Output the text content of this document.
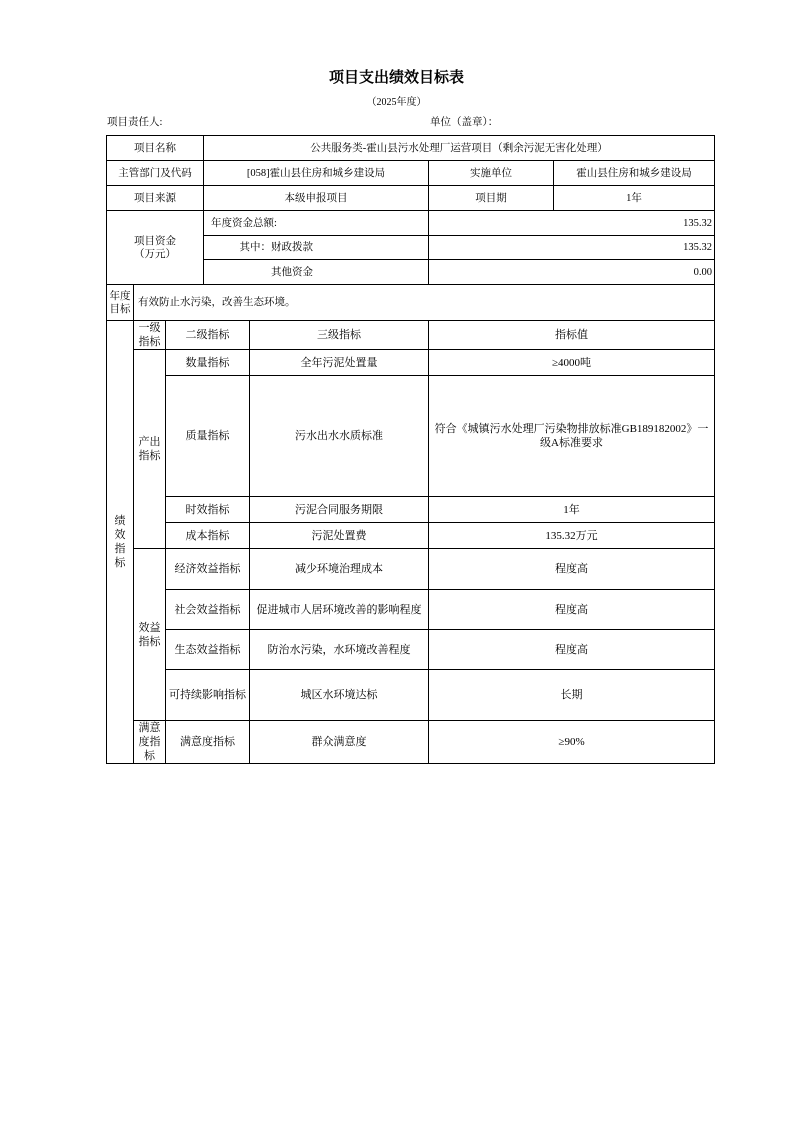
项目支出绩效目标表
（2025年度）
项目责任人:	单位（盖章）：
项目名称			公共服务类-霍山县污水处理厂运营项目（剩余污泥无害化处理）			
主管部门及代码			[058]霍山县住房和城乡建设局		实施单位	霍山县住房和城乡建设局
项目来源			本级申报项目		项目期	1年

项目资金
（万元）			年度资金总额:		135.32	
			其中：财政拨款		135.32	
			其他资金		0.00	
年度目标	有效防止水污染，改善生态环境。					
绩效指标	一级指标	二级指标		三级指标	指标值	
	产出指标	数量指标		全年污泥处置量	≥4000吨	
		质量指标		污水出水水质标准	符合《城镇污水处理厂污染物排放标准GB189182002》一级A标准要求	
		时效指标		污泥合同服务期限	1年	
		成本指标		污泥处置费	135.32万元	
	效益指标	经济效益指标		减少环境治理成本	程度高	
		社会效益指标		促进城市人居环境改善的影响程度	程度高	
		生态效益指标		防治水污染，水环境改善程度	程度高	
		可持续影响指标		城区水环境达标	长期	
	满意度指标	满意度指标		群众满意度	≥90%	
